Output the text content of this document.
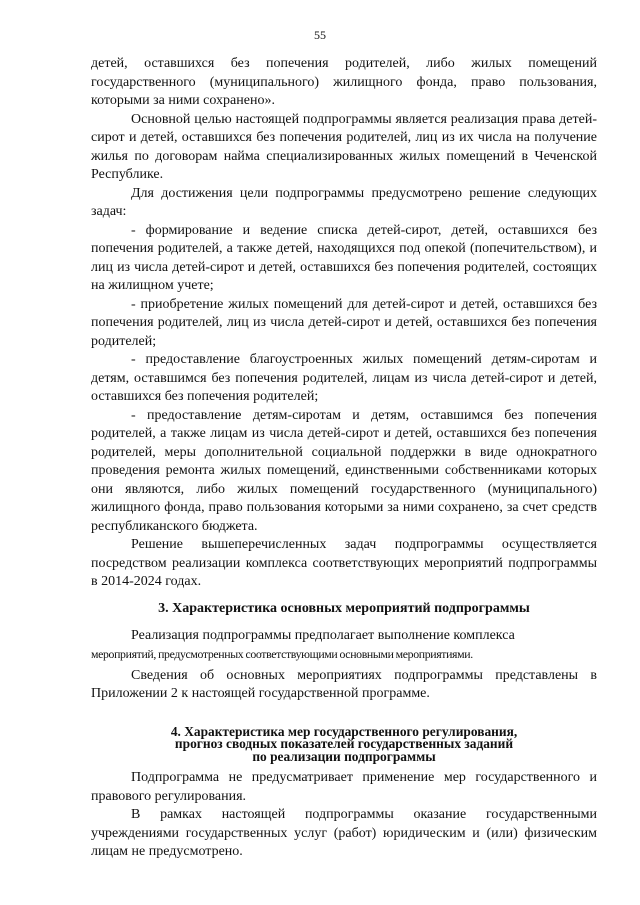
55

детей, оставшихся без попечения родителей, либо жилых помещений государственного (муниципального) жилищного фонда, право пользования, которыми за ними сохранено».

Основной целью настоящей подпрограммы является реализация права детей-сирот и детей, оставшихся без попечения родителей, лиц из их числа на получение жилья по договорам найма специализированных жилых помещений в Чеченской Республике.

Для достижения цели подпрограммы предусмотрено решение следующих задач:

- формирование и ведение списка детей-сирот, детей, оставшихся без попечения родителей, а также детей, находящихся под опекой (попечительством), и лиц из числа детей-сирот и детей, оставшихся без попечения родителей, состоящих на жилищном учете;

- приобретение жилых помещений для детей-сирот и детей, оставшихся без попечения родителей, лиц из числа детей-сирот и детей, оставшихся без попечения родителей;

- предоставление благоустроенных жилых помещений детям-сиротам и детям, оставшимся без попечения родителей, лицам из числа детей-сирот и детей, оставшихся без попечения родителей;

- предоставление детям-сиротам и детям, оставшимся без попечения родителей, а также лицам из числа детей-сирот и детей, оставшихся без попечения родителей, меры дополнительной социальной поддержки в виде однократного проведения ремонта жилых помещений, единственными собственниками которых они являются, либо жилых помещений государственного (муниципального) жилищного фонда, право пользования которыми за ними сохранено, за счет средств республиканского бюджета.

Решение вышеперечисленных задач подпрограммы осуществляется посредством реализации комплекса соответствующих мероприятий подпрограммы в 2014-2024 годах.

3. Характеристика основных мероприятий подпрограммы

Реализация подпрограммы предполагает выполнение комплекса

мероприятий, предусмотренных соответствующими основными мероприятиями.

Сведения об основных мероприятиях подпрограммы представлены в Приложении 2 к настоящей государственной программе.

4. Характеристика мер государственного регулирования,
прогноз сводных показателей государственных заданий
по реализации подпрограммы

Подпрограмма не предусматривает применение мер государственного и правового регулирования.

В рамках настоящей подпрограммы оказание государственными учреждениями государственных услуг (работ) юридическим и (или) физическим лицам не предусмотрено.
